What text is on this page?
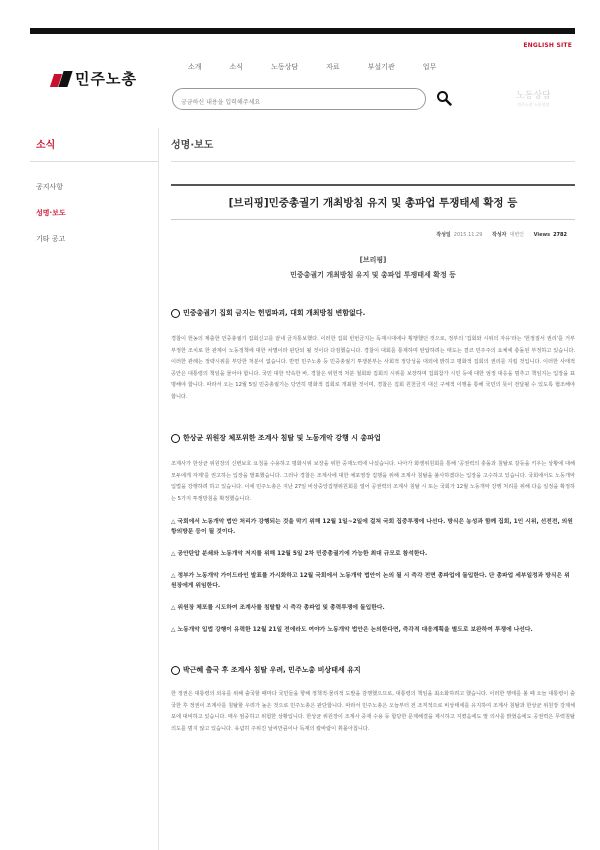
ENGLISH SITE
민주노총
소개	소식	노동상담	자료	부설기관	업무
궁금하신 내용을 입력해주세요
노동상담
민주노총 노동상담
소식
공지사항
성명·보도
기타 공고
성명·보도
[브리핑]민중총궐기 개최방침 유지 및 총파업 투쟁태세 확정 등
작성일 2015.11.29 작성자 대변인 Views 2782
[브리핑]
민중총궐기 개최방침 유지 및 총파업 투쟁태세 확정 등
민중총궐기 집회 금지는 헌법파괴, 대회 개최방침 변함없다.

경찰이 헌농의 제출한 민중총궐기 집회신고를 끝내 금지통보했다. 이러한 집회 빈번금지는 독재시대에나 횡행했던 것으로, 정부의 '집회와 시위의 자유'라는 '헌정질서 권리'를 거부 부정한 조치로 한 관계이 노동정책에 대한 차별이라 판단되 될 것이다 다짐했습니다. 경찰이 대회를 통제하며 탄압하려는 태도는 결코 민주주의 요체에 충돌된 부정하고 있습니다. 이러한 관례는 정략시위를 부당한 처분이 없습니다. 반면 민주노총 등 민중총궐기 투쟁본부는 사회적 정당성을 대외에 밝히고 평화적 집회의 권리를 지킬 것입니다. 이러한 사태적 공안은 대통령의 책임을 물어야 합니다. 국민 대한 약속한 바, 경찰은 위헌적 처분 철회와 집회의 시위를 보장하며 집회참가 시민 등에 대한 엄정 대응을 멈추고 책임지는 입장을 표명해야 합니다. 따라서 오는 12월 5일 민중총궐기는 당연히 평화적 집회로 개최할 것이며, 경찰은 집회 원천금지 대신 구체적 이행을 통해 국민의 뜻이 전달될 수 있도록 협조해야 합니다.

한상균 위원장 체포위한 조계사 침탈 및 노동개악 강행 시 총파업

조계사가 한상균 위원장의 신변보호 요청을 수용하고 평화시위 보장을 위한 중재노력에 나섰습니다. 나아가 화쟁위원회를 통해 '공권력의 충돌과 침탈로 갈등을 키우는 상황에 대해 모두에게 자제'를 권고하는 입장을 발표했습니다. 그러나 경찰은 조계사에 대한 체포영장 집행을 위해 조계사 침탈을 불사하겠다는 입장을 고수하고 있습니다. 국회에서도 노동개악 입법을 강행하려 하고 있습니다. 이에 민주노총은 지난 27일 비상중앙집행위원회를 열어 공권력의 조계사 침탈 시 또는 국회가 12월 노동개악 강행 처리를 위해 다음 일정을 확정하는 5가지 투쟁방침을 확정했습니다.

△ 국회에서 노동개악 법안 처리가 강행되는 것을 막기 위해 12월 1일~2일에 걸쳐 국회 집중투쟁에 나선다. 방식은 농성과 함께 집회, 1인 시위, 선전전, 의원 항의방문 등이 될 것이다.

△ 공안탄압 분쇄와 노동개악 저지를 위해 12월 5일 2차 민중총궐기에 가능한 최대 규모로 참석한다.

△ 정부가 노동개악 가이드라인 발표를 가시화하고 12월 국회에서 노동개악 법안이 논의 될 시 즉각 전면 총파업에 돌입한다. 단 총파업 세부일정과 방식은 위원장에게 위임한다.

△ 위원장 체포를 시도하여 조계사를 침탈할 시 즉각 총파업 및 총력투쟁에 돌입한다.

△ 노동개악 입법 강행이 유력한 12월 21일 전에라도 여야가 노동개악 법안은 논의한다면, 즉각적 대응계획을 별도로 보완하여 투쟁에 나선다.

박근혜 출국 후 조계사 침탈 우려, 민주노총 비상태세 유지

한 정권은 대통령의 외유를 위해 출국할 때마다 국민들을 향해 정책적·물리적 도발을 감행했으므로, 대통령의 책임을 최소화하려고 했습니다. 이러한 행태를 볼 때 오늘 대통령이 출국한 후 정권이 조계사를 침탈할 우려가 높은 것으로 민주노총은 판단합니다. 따라서 민주노총은 오늘부터 전 조직적으로 비상태세를 유지하여 조계사 침탈과 한상균 위원장 강제체포에 대비하고 있습니다. 매우 엄중하고 위험한 상황입니다. 한상균 위원장이 조계사 중재 수용 등 합당한 문제해결을 제시하고 지켰음에도 말 의사를 밝혔음에도 공권력은 무력침탈 의도를 멈지 않고 있습니다. 유념히 주위진 날씨만큼이나 독재의 칼바람이 휘몰아칩니다.
